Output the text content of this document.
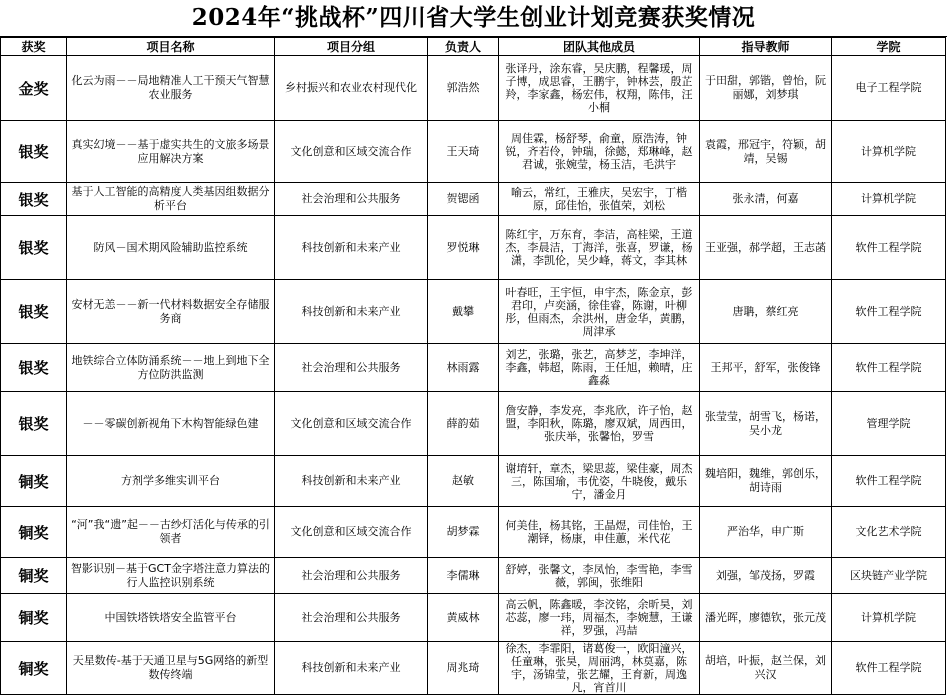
2024年“挑战杯”四川省大学生创业计划竞赛获奖情况
获奖	项目名称	项目分组	负责人	团队其他成员	指导教师	学院

金奖	化云为雨－－局地精准人工干预天气智慧农业服务	乡村振兴和农业农村现代化	郭浩然	张译丹，涂东睿，吴庆鹏，程馨瑗，周子博，成思睿，王鹏宇，钟林芸，殷芷羚，李家鑫，杨宏伟，权翔，陈伟，汪小桐	于田甜，郭锴，曾怡，阮丽娜，刘梦琪	电子工程学院

银奖	真实幻境－－基于虚实共生的文旅多场景应用解决方案	文化创意和区域交流合作	王天琦	周佳霖，杨舒琴，俞童，原浩涛，钟锐，齐若伶，钟瑞，徐懿，郑琳峰，赵君诚，张婉莹，杨玉洁，毛洪宇	袁霞，邢冠宇，符颖，胡靖，吴锡	计算机学院

银奖	基于人工智能的高精度人类基因组数据分析平台	社会治理和公共服务	贺锶函	喻云，常红，王雅庆，吴宏宇，丁楷原，邱佳怡，张值荣，刘松	张永清，何嘉	计算机学院

银奖	防风－国术期风险辅助监控系统	科技创新和未来产业	罗悦琳	陈红宇，万东育，李洁，高桂梁，王道杰，李晨洁，丁海洋，张喜，罗谦，杨潇，李凯伦，吴少峰，蒋文，李其林	王亚强，郝学超，王志菡	软件工程学院

银奖	安材无恙－－新一代材料数据安全存储服务商	科技创新和未来产业	戴攀	叶春旺，王宇恒，申宇杰，陈金京，彭君印，卢奕涵，徐佳睿，陈谢，叶柳彤，但雨杰，余洪州，唐金华，黄鹏，周津承	唐聃，蔡红亮	软件工程学院

银奖	地铁综合立体防涌系统－－地上到地下全方位防洪监测	社会治理和公共服务	林雨露	刘艺，张璐，张艺，高梦芝，李坤洋，李鑫，韩超，陈雨，王任旭，赖晴，庄鑫淼	王邦平，舒军，张俊锋	软件工程学院

银奖	－－零碳创新视角下木构智能绿色建	文化创意和区域交流合作	薛韵茹	詹安静，李发亮，李兆欣，许子怡，赵盟，李阳秋，陈璐，廖双斌，周西田，张庆举，张馨怡，罗雪	张莹莹，胡雪飞，杨诺，吴小龙	管理学院

铜奖	方剂学多维实训平台	科技创新和未来产业	赵敏	谢堉轩，章杰，梁思蕊，梁佳豪，周杰三，陈国瑜，韦优姿，牛晓俊，戴乐宁，潘金月	魏培阳，魏维，郭创乐，胡诗雨	软件工程学院

铜奖	“河”我“遗”起－－古纱灯活化与传承的引领者	文化创意和区域交流合作	胡梦霖	何美佳，杨其铭，王晶煜，司佳怡，王潮铎，杨康，申佳蕙，米代花	严治华，申广斯	文化艺术学院

铜奖	智影识别－基于GCT金字塔注意力算法的行人监控识别系统	社会治理和公共服务	李儒琳	舒婷，张馨文，李凤怡，李雪艳，李雪薇，郭闽，张维阳	刘强，邹茂扬，罗霞	区块链产业学院

铜奖	中国铁塔铁塔安全监管平台	社会治理和公共服务	黄威林	高云帆，陈鑫暖，李洨铭，余昕昊，刘芯蕊，廖一玮，周福杰，李婉慧，王谦祥，罗强，冯喆	潘光晖，廖德钦，张元茂	计算机学院

铜奖	天星数传-基于天通卫星与5G网络的新型数传终端	科技创新和未来产业	周兆琦	徐杰，李霏阳，诸葛俊一，欧阳潼兴，任童琳，张昊，周丽鸿，林莫嘉，陈宇，汤锦莹，张艺耀，王育新，周逸凡，宵首川	胡培，叶振，赵兰保，刘兴汉	软件工程学院
